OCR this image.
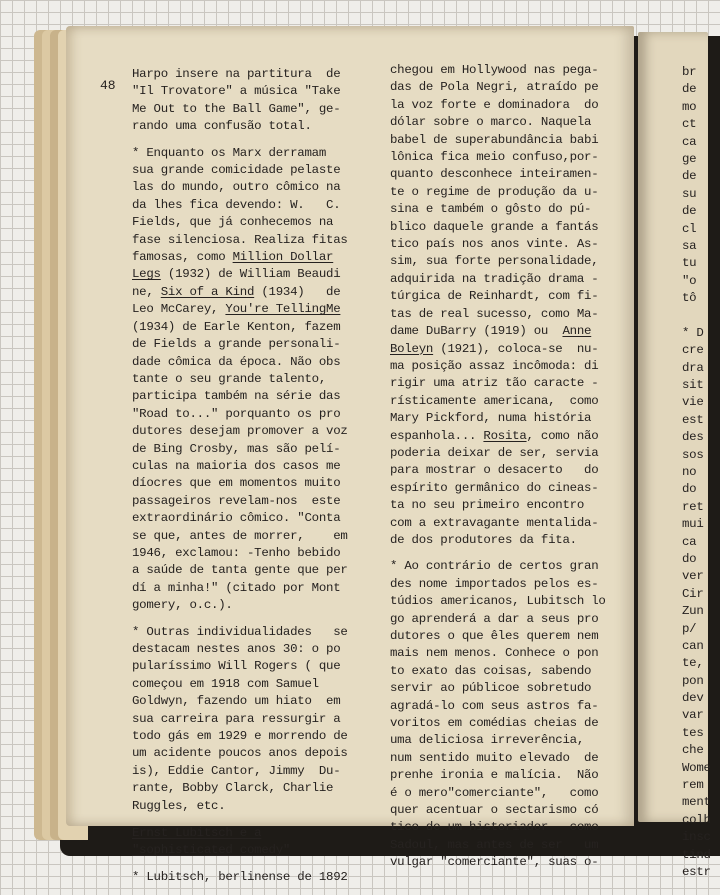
48

Harpo insere na partitura  de
"Il Trovatore" a música "Take
Me Out to the Ball Game", ge-
rando uma confusão total.

* Enquanto os Marx derramam
sua grande comicidade pelaste
las do mundo, outro cômico na
da lhes fica devendo: W.   C.
Fields, que já conhecemos na
fase silenciosa. Realiza fitas
famosas, como Million Dollar
Legs (1932) de William Beaudi
ne, Six of a Kind (1934)   de
Leo McCarey, You're TellingMe
(1934) de Earle Kenton, fazem
de Fields a grande personali-
dade cômica da época. Não obs
tante o seu grande talento,
participa também na série das
"Road to..." porquanto os pro
dutores desejam promover a voz
de Bing Crosby, mas são pelí-
culas na maioria dos casos me
díocres que em momentos muito
passageiros revelam-nos  este
extraordinário cômico. "Conta
se que, antes de morrer,    em
1946, exclamou: -Tenho bebido
a saúde de tanta gente que per
dí a minha!" (citado por Mont
gomery, o.c.).

* Outras individualidades   se
destacam nestes anos 30: o po
pularíssimo Will Rogers ( que
começou em 1918 com Samuel
Goldwyn, fazendo um hiato  em
sua carreira para ressurgir a
todo gás em 1929 e morrendo de
um acidente poucos anos depois
is), Eddie Cantor, Jimmy  Du-
rante, Bobby Clarck, Charlie
Ruggles, etc.

Ernst Lubitsch e a
"sophisticated comedy"

* Lubitsch, berlinense de 1892

chegou em Hollywood nas pega-
das de Pola Negri, atraído pe
la voz forte e dominadora  do
dólar sobre o marco. Naquela
babel de superabundância babi
lônica fica meio confuso,por-
quanto desconhece inteiramen-
te o regime de produção da u-
sina e também o gôsto do pú-
blico daquele grande a fantás
tico país nos anos vinte. As-
sim, sua forte personalidade,
adquirida na tradição drama -
túrgica de Reinhardt, com fi-
tas de real sucesso, como Ma-
dame DuBarry (1919) ou  Anne
Boleyn (1921), coloca-se  nu-
ma posição assaz incômoda: di
rigir uma atriz tão caracte -
rísticamente americana,  como
Mary Pickford, numa história
espanhola... Rosita, como não
poderia deixar de ser, servia
para mostrar o desacerto   do
espírito germânico do cineas-
ta no seu primeiro encontro
com a extravagante mentalida-
de dos produtores da fita.

* Ao contrário de certos gran
des nome importados pelos es-
túdios americanos, Lubitsch lo
go aprenderá a dar a seus pro
dutores o que êles querem nem
mais nem menos. Conhece o pon
to exato das coisas, sabendo
servir ao públicoe sobretudo
agradá-lo com seus astros fa-
voritos em comédias cheias de
uma deliciosa irreverência,
num sentido muito elevado  de
prenhe ironia e malícia.  Não
é o mero"comerciante",   como
quer acentuar o sectarismo có
tico de um historiador   como
Sadoul, mas antes de ser   um
vulgar "comerciante", suas o-

br
de
mo
ct
ca
ge
de
su
de
cl
sa
tu
"o
tô
* D
cre
dra
sit
vie
est
des
sos
no
do
ret
mui
ca
do
ver
Cir
Zun
p/
can
te,
pon
dev
var
tes
che
Wome
rem
ment
colh
insc
tind
estr
